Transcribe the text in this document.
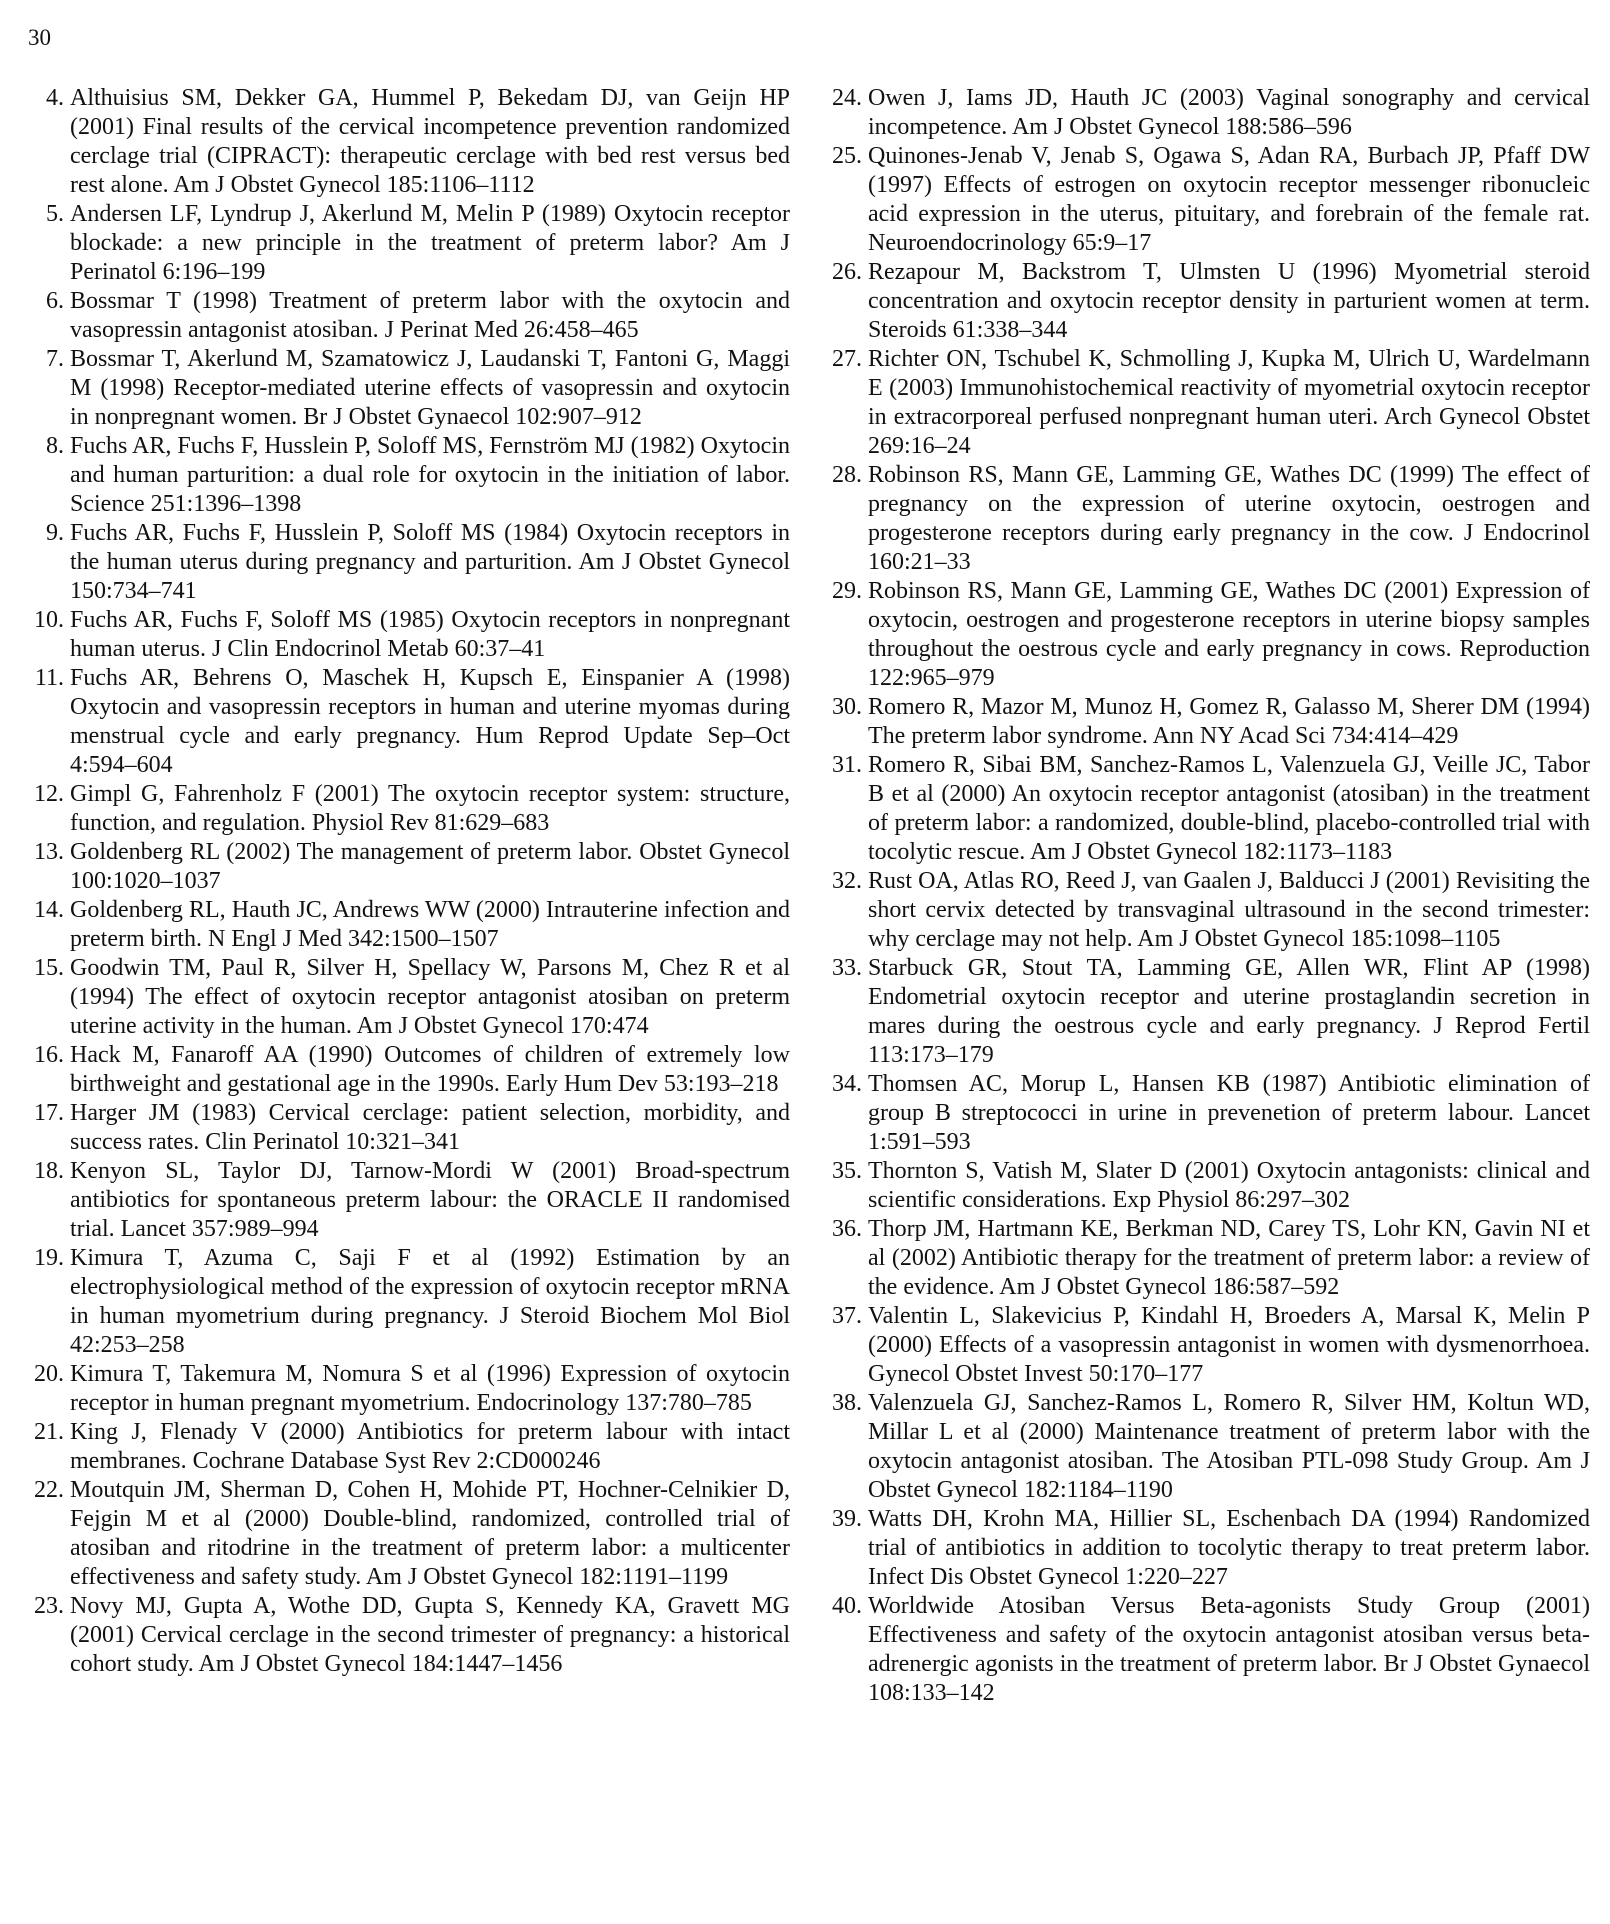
30
4. Althuisius SM, Dekker GA, Hummel P, Bekedam DJ, van Geijn HP (2001) Final results of the cervical incompetence prevention randomized cerclage trial (CIPRACT): therapeutic cerclage with bed rest versus bed rest alone. Am J Obstet Gynecol 185:1106–1112
5. Andersen LF, Lyndrup J, Akerlund M, Melin P (1989) Oxytocin receptor blockade: a new principle in the treatment of preterm labor? Am J Perinatol 6:196–199
6. Bossmar T (1998) Treatment of preterm labor with the oxytocin and vasopressin antagonist atosiban. J Perinat Med 26:458–465
7. Bossmar T, Akerlund M, Szamatowicz J, Laudanski T, Fantoni G, Maggi M (1998) Receptor-mediated uterine effects of vasopressin and oxytocin in nonpregnant women. Br J Obstet Gynaecol 102:907–912
8. Fuchs AR, Fuchs F, Husslein P, Soloff MS, Fernström MJ (1982) Oxytocin and human parturition: a dual role for oxytocin in the initiation of labor. Science 251:1396–1398
9. Fuchs AR, Fuchs F, Husslein P, Soloff MS (1984) Oxytocin receptors in the human uterus during pregnancy and parturition. Am J Obstet Gynecol 150:734–741
10. Fuchs AR, Fuchs F, Soloff MS (1985) Oxytocin receptors in nonpregnant human uterus. J Clin Endocrinol Metab 60:37–41
11. Fuchs AR, Behrens O, Maschek H, Kupsch E, Einspanier A (1998) Oxytocin and vasopressin receptors in human and uterine myomas during menstrual cycle and early pregnancy. Hum Reprod Update Sep–Oct 4:594–604
12. Gimpl G, Fahrenholz F (2001) The oxytocin receptor system: structure, function, and regulation. Physiol Rev 81:629–683
13. Goldenberg RL (2002) The management of preterm labor. Obstet Gynecol 100:1020–1037
14. Goldenberg RL, Hauth JC, Andrews WW (2000) Intrauterine infection and preterm birth. N Engl J Med 342:1500–1507
15. Goodwin TM, Paul R, Silver H, Spellacy W, Parsons M, Chez R et al (1994) The effect of oxytocin receptor antagonist atosiban on preterm uterine activity in the human. Am J Obstet Gynecol 170:474
16. Hack M, Fanaroff AA (1990) Outcomes of children of extremely low birthweight and gestational age in the 1990s. Early Hum Dev 53:193–218
17. Harger JM (1983) Cervical cerclage: patient selection, morbidity, and success rates. Clin Perinatol 10:321–341
18. Kenyon SL, Taylor DJ, Tarnow-Mordi W (2001) Broad-spectrum antibiotics for spontaneous preterm labour: the ORACLE II randomised trial. Lancet 357:989–994
19. Kimura T, Azuma C, Saji F et al (1992) Estimation by an electrophysiological method of the expression of oxytocin receptor mRNA in human myometrium during pregnancy. J Steroid Biochem Mol Biol 42:253–258
20. Kimura T, Takemura M, Nomura S et al (1996) Expression of oxytocin receptor in human pregnant myometrium. Endocrinology 137:780–785
21. King J, Flenady V (2000) Antibiotics for preterm labour with intact membranes. Cochrane Database Syst Rev 2:CD000246
22. Moutquin JM, Sherman D, Cohen H, Mohide PT, Hochner-Celnikier D, Fejgin M et al (2000) Double-blind, randomized, controlled trial of atosiban and ritodrine in the treatment of preterm labor: a multicenter effectiveness and safety study. Am J Obstet Gynecol 182:1191–1199
23. Novy MJ, Gupta A, Wothe DD, Gupta S, Kennedy KA, Gravett MG (2001) Cervical cerclage in the second trimester of pregnancy: a historical cohort study. Am J Obstet Gynecol 184:1447–1456
24. Owen J, Iams JD, Hauth JC (2003) Vaginal sonography and cervical incompetence. Am J Obstet Gynecol 188:586–596
25. Quinones-Jenab V, Jenab S, Ogawa S, Adan RA, Burbach JP, Pfaff DW (1997) Effects of estrogen on oxytocin receptor messenger ribonucleic acid expression in the uterus, pituitary, and forebrain of the female rat. Neuroendocrinology 65:9–17
26. Rezapour M, Backstrom T, Ulmsten U (1996) Myometrial steroid concentration and oxytocin receptor density in parturient women at term. Steroids 61:338–344
27. Richter ON, Tschubel K, Schmolling J, Kupka M, Ulrich U, Wardelmann E (2003) Immunohistochemical reactivity of myometrial oxytocin receptor in extracorporeal perfused nonpregnant human uteri. Arch Gynecol Obstet 269:16–24
28. Robinson RS, Mann GE, Lamming GE, Wathes DC (1999) The effect of pregnancy on the expression of uterine oxytocin, oestrogen and progesterone receptors during early pregnancy in the cow. J Endocrinol 160:21–33
29. Robinson RS, Mann GE, Lamming GE, Wathes DC (2001) Expression of oxytocin, oestrogen and progesterone receptors in uterine biopsy samples throughout the oestrous cycle and early pregnancy in cows. Reproduction 122:965–979
30. Romero R, Mazor M, Munoz H, Gomez R, Galasso M, Sherer DM (1994) The preterm labor syndrome. Ann NY Acad Sci 734:414–429
31. Romero R, Sibai BM, Sanchez-Ramos L, Valenzuela GJ, Veille JC, Tabor B et al (2000) An oxytocin receptor antagonist (atosiban) in the treatment of preterm labor: a randomized, double-blind, placebo-controlled trial with tocolytic rescue. Am J Obstet Gynecol 182:1173–1183
32. Rust OA, Atlas RO, Reed J, van Gaalen J, Balducci J (2001) Revisiting the short cervix detected by transvaginal ultrasound in the second trimester: why cerclage may not help. Am J Obstet Gynecol 185:1098–1105
33. Starbuck GR, Stout TA, Lamming GE, Allen WR, Flint AP (1998) Endometrial oxytocin receptor and uterine prostaglandin secretion in mares during the oestrous cycle and early pregnancy. J Reprod Fertil 113:173–179
34. Thomsen AC, Morup L, Hansen KB (1987) Antibiotic elimination of group B streptococci in urine in prevenetion of preterm labour. Lancet 1:591–593
35. Thornton S, Vatish M, Slater D (2001) Oxytocin antagonists: clinical and scientific considerations. Exp Physiol 86:297–302
36. Thorp JM, Hartmann KE, Berkman ND, Carey TS, Lohr KN, Gavin NI et al (2002) Antibiotic therapy for the treatment of preterm labor: a review of the evidence. Am J Obstet Gynecol 186:587–592
37. Valentin L, Slakevicius P, Kindahl H, Broeders A, Marsal K, Melin P (2000) Effects of a vasopressin antagonist in women with dysmenorrhoea. Gynecol Obstet Invest 50:170–177
38. Valenzuela GJ, Sanchez-Ramos L, Romero R, Silver HM, Koltun WD, Millar L et al (2000) Maintenance treatment of preterm labor with the oxytocin antagonist atosiban. The Atosiban PTL-098 Study Group. Am J Obstet Gynecol 182:1184–1190
39. Watts DH, Krohn MA, Hillier SL, Eschenbach DA (1994) Randomized trial of antibiotics in addition to tocolytic therapy to treat preterm labor. Infect Dis Obstet Gynecol 1:220–227
40. Worldwide Atosiban Versus Beta-agonists Study Group (2001) Effectiveness and safety of the oxytocin antagonist atosiban versus beta-adrenergic agonists in the treatment of preterm labor. Br J Obstet Gynaecol 108:133–142
